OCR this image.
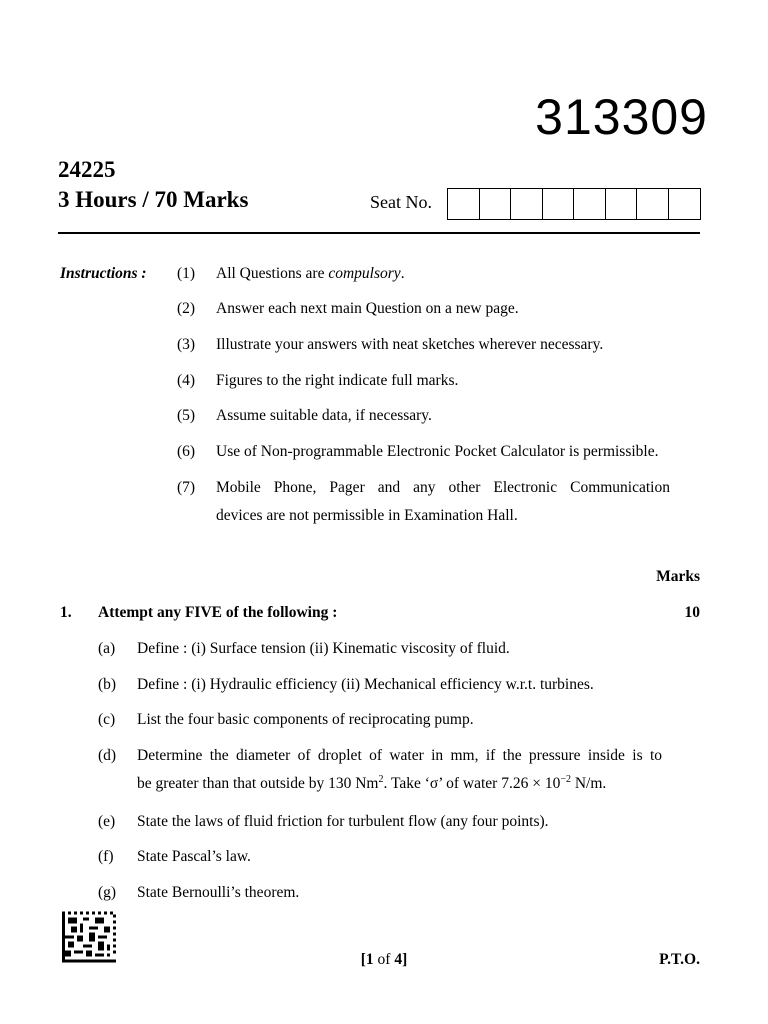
313309
24225
3 Hours / 70 Marks	Seat No.
Instructions : (1) All Questions are compulsory.
(2) Answer each next main Question on a new page.
(3) Illustrate your answers with neat sketches wherever necessary.
(4) Figures to the right indicate full marks.
(5) Assume suitable data, if necessary.
(6) Use of Non-programmable Electronic Pocket Calculator is permissible.
(7) Mobile Phone, Pager and any other Electronic Communication
devices are not permissible in Examination Hall.
Marks
1. Attempt any FIVE of the following :	10
(a) Define : (i) Surface tension (ii) Kinematic viscosity of fluid.
(b) Define : (i) Hydraulic efficiency (ii) Mechanical efficiency w.r.t. turbines.
(c) List the four basic components of reciprocating pump.
(d) Determine the diameter of droplet of water in mm, if the pressure inside is to
be greater than that outside by 130 Nm$^2$. Take ‘σ’ of water $7.26 \times 10^{-2}$ N/m.
(e) State the laws of fluid friction for turbulent flow (any four points).
(f) State Pascal’s law.
(g) State Bernoulli’s theorem.
[1 of 4]	P.T.O.
